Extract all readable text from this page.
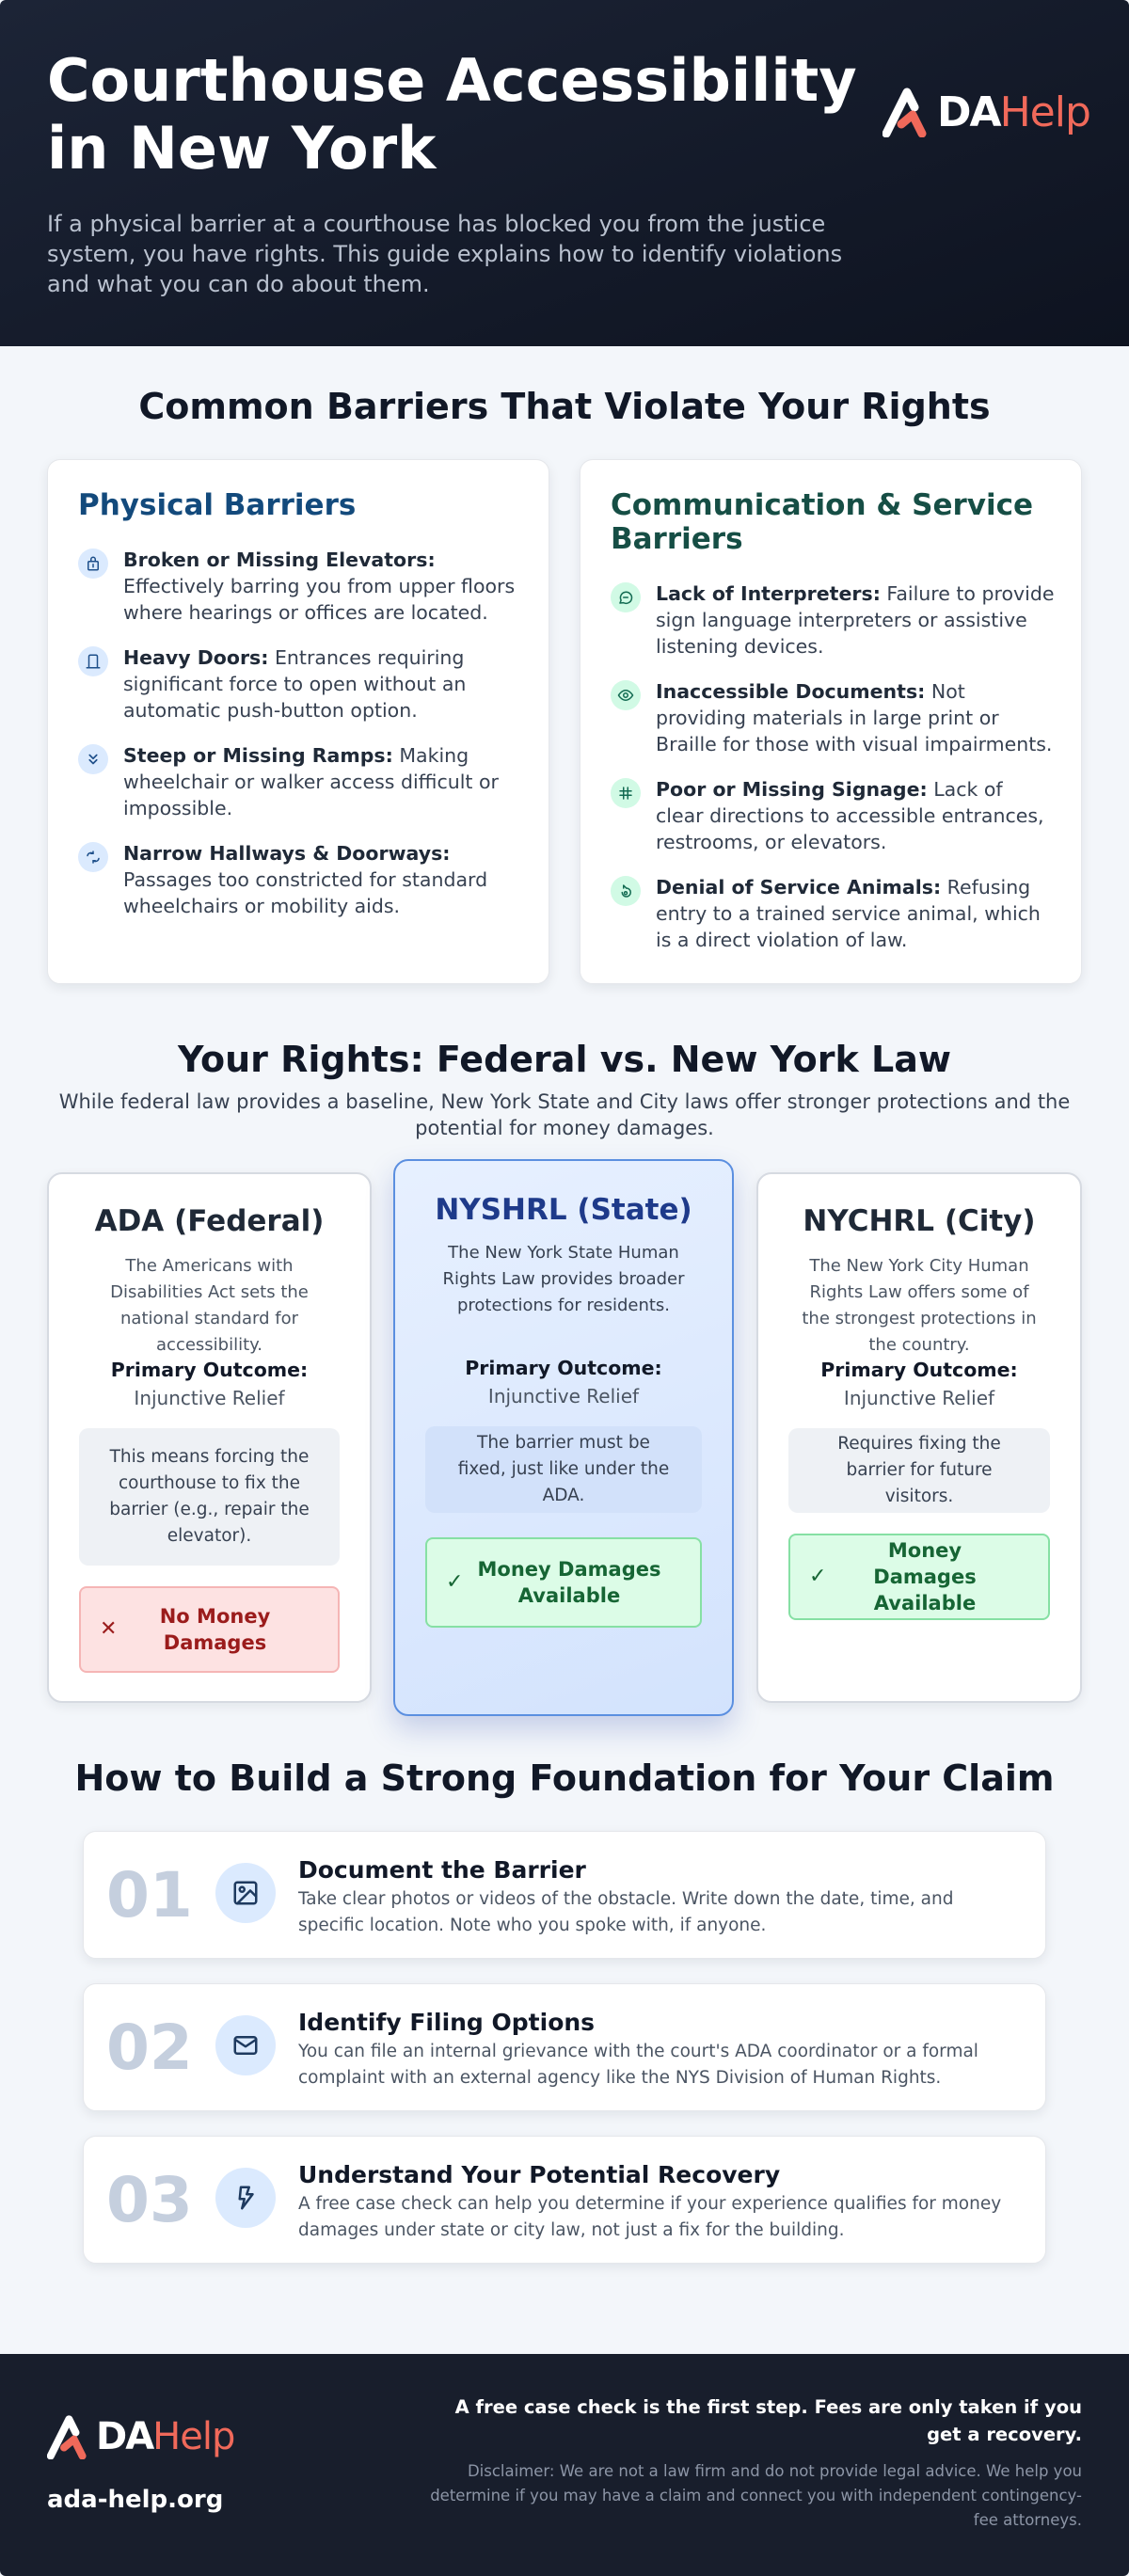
Courthouse Accessibility in New York

If a physical barrier at a courthouse has blocked you from the justice system, you have rights. This guide explains how to identify violations and what you can do about them.

DA Help
Common Barriers That Violate Your Rights
Physical Barriers
Broken or Missing Elevators: Effectively barring you from upper floors where hearings or offices are located.
Heavy Doors: Entrances requiring significant force to open without an automatic push-button option.
Steep or Missing Ramps: Making wheelchair or walker access difficult or impossible.
Narrow Hallways & Doorways: Passages too constricted for standard wheelchairs or mobility aids.
Communication & Service Barriers
Lack of Interpreters: Failure to provide sign language interpreters or assistive listening devices.
Inaccessible Documents: Not providing materials in large print or Braille for those with visual impairments.
Poor or Missing Signage: Lack of clear directions to accessible entrances, restrooms, or elevators.
Denial of Service Animals: Refusing entry to a trained service animal, which is a direct violation of law.
Your Rights: Federal vs. New York Law

While federal law provides a baseline, New York State and City laws offer stronger protections and the potential for money damages.

ADA (Federal)

The Americans with Disabilities Act sets the national standard for accessibility.

Primary Outcome:
Injunctive Relief
This means forcing the courthouse to fix the barrier (e.g., repair the elevator).
✕
No Money Damages
NYSHRL (State)

The New York State Human Rights Law provides broader protections for residents.

Primary Outcome:
Injunctive Relief
The barrier must be fixed, just like under the ADA.
✓
Money Damages Available
NYCHRL (City)

The New York City Human Rights Law offers some of the strongest protections in the country.

Primary Outcome:
Injunctive Relief
Requires fixing the barrier for future visitors.
✓
Money Damages Available
How to Build a Strong Foundation for Your Claim
01	Document the Barrier

Take clear photos or videos of the obstacle. Write down the date, time, and specific location. Note who you spoke with, if anyone.

02	Identify Filing Options

You can file an internal grievance with the court's ADA coordinator or a formal complaint with an external agency like the NYS Division of Human Rights.

03	Understand Your Potential Recovery

A free case check can help you determine if your experience qualifies for money damages under state or city law, not just a fix for the building.

DA Help
ada-help.org
A free case check is the first step. Fees are only taken if you get a recovery.
Disclaimer: We are not a law firm and do not provide legal advice. We help you determine if you may have a claim and connect you with independent contingency-fee attorneys.
